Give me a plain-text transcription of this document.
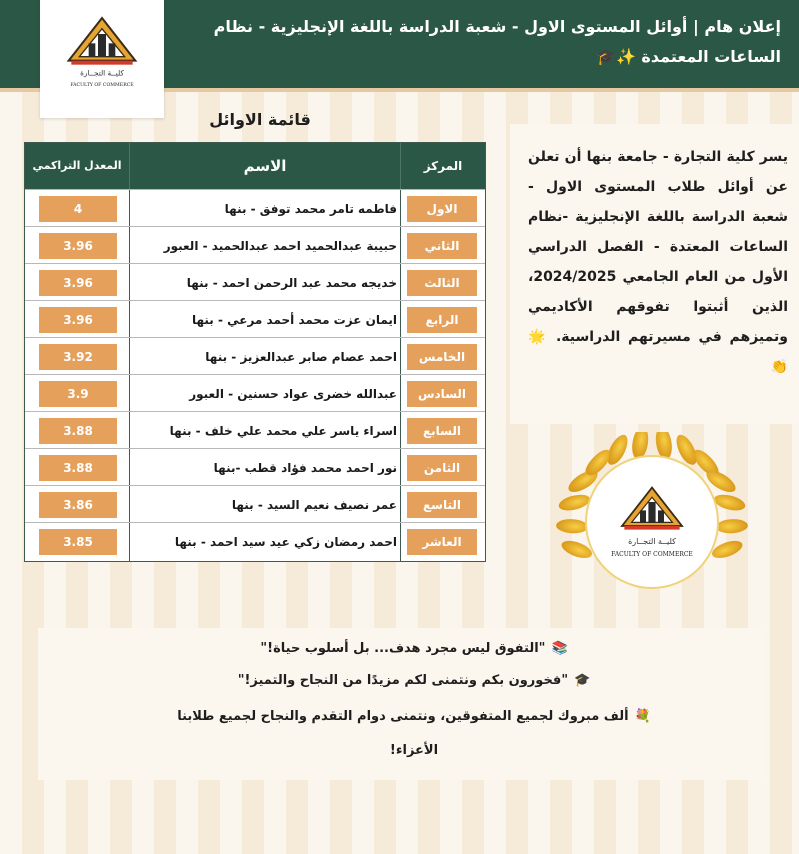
إعلان هام | أوائل المستوى الاول - شعبة الدراسة باللغة الإنجليزية - نظام الساعات المعتمدة ✨🎓
كليــة التجــارة
FACULTY OF COMMERCE
قائمة الاوائل
المعدل التراكمي	الاسم	المركز
4	فاطمه تامر محمد توفق - بنها	الاول
3.96	حبيبة عبدالحميد احمد عبدالحميد - العبور	الثاني
3.96	خديجه محمد عبد الرحمن احمد - بنها	الثالث
3.96	ايمان عزت محمد أحمد مرعي - بنها	الرابع
3.92	احمد عصام صابر عبدالعزيز - بنها	الخامس
3.9	عبدالله خضرى عواد حسنين - العبور	السادس
3.88	اسراء ياسر علي محمد علي خلف - بنها	السابع
3.88	نور احمد محمد فؤاد قطب -بنها	الثامن
3.86	عمر نصيف نعيم السيد - بنها	التاسع
3.85	احمد رمضان زكي عيد سيد احمد - بنها	العاشر
يسر كلية التجارة - جامعة بنها أن تعلن عن أوائل طلاب المستوى الاول - شعبة الدراسة باللغة الإنجليزية -نظام الساعات المعتدة - الفصل الدراسي الأول من العام الجامعي 2024/2025، الذين أثبتوا تفوقهم الأكاديمي وتميزهم في مسيرتهم الدراسية. 🌟👏
كليــة التجــارة
FACULTY OF COMMERCE
📚"التفوق ليس مجرد هدف... بل أسلوب حياة!"
🎓"فخورون بكم ونتمنى لكم مزيدًا من النجاح والتميز!"
💐ألف مبروك لجميع المتفوقين، ونتمنى دوام التقدم والنجاح لجميع طلابنا
الأعزاء!
